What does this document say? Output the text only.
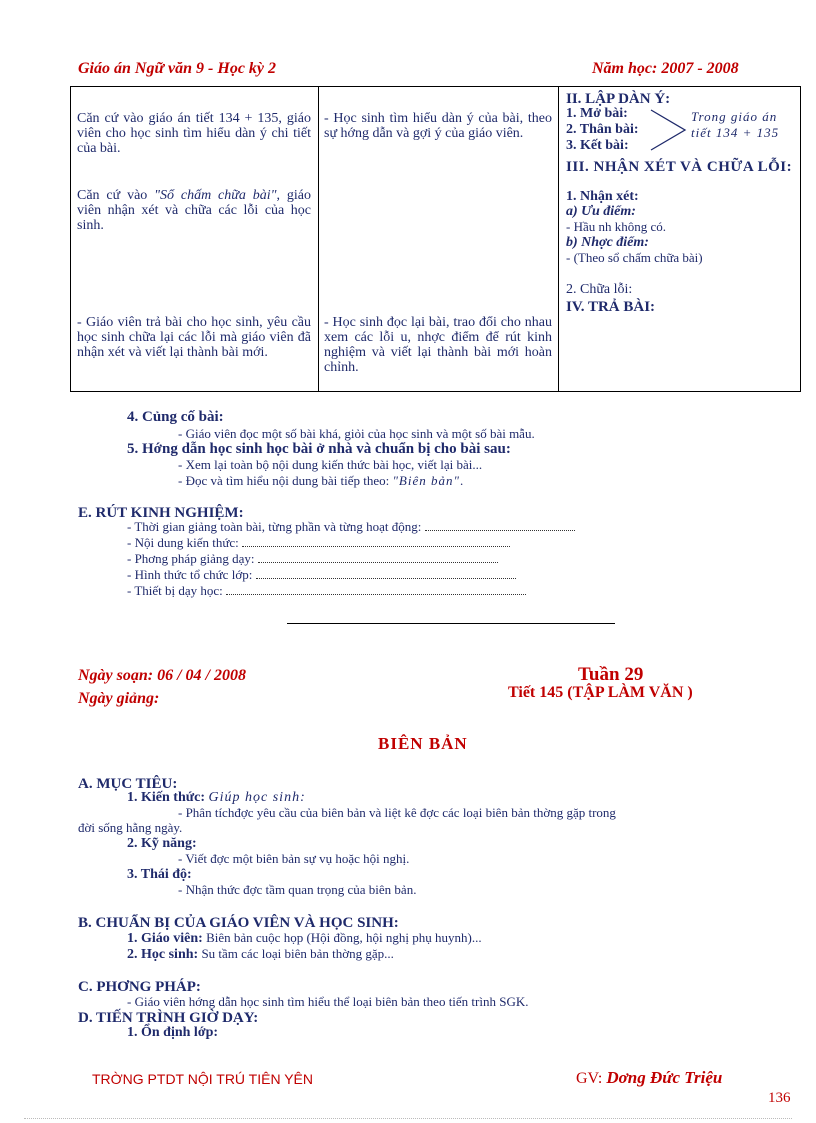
Giáo án Ngữ văn 9 - Học kỳ 2	Năm học: 2007 - 2008
Căn cứ vào giáo án tiết 134 + 135, giáo viên cho học sinh tìm hiểu dàn ý chi tiết của bài.
Căn cứ vào "Sổ chấm chữa bài", giáo viên nhận xét và chữa các lỗi của học sinh.
- Giáo viên trả bài cho học sinh, yêu cầu học sinh chữa lại các lỗi mà giáo viên đã nhận xét và viết lại thành bài mới.
- Học sinh tìm hiểu dàn ý của bài, theo sự hớng dẫn và gợi ý của giáo viên.
- Học sinh đọc lại bài, trao đổi cho nhau xem các lỗi u, nhợc điểm để rút kinh nghiệm và viết lại thành bài mới hoàn chỉnh.
II. LẬP DÀN Ý:
1. Mở bài:
2. Thân bài:
3. Kết bài:
Trong giáo án
tiết 134 + 135
III. NHẬN XÉT VÀ CHỮA LỖI:
1. Nhận xét:
a) Ưu điểm:
- Hầu nh không có.
b) Nhợc điểm:
- (Theo sổ chấm chữa bài)
2. Chữa lỗi:
IV. TRẢ BÀI:
4. Củng cố bài:
- Giáo viên đọc một số bài khá, giỏi của học sinh và một số bài mẫu.
5. Hớng dẫn học sinh học bài ở nhà và chuẩn bị cho bài sau:
- Xem lại toàn bộ nội dung kiến thức bài học, viết lại bài...
- Đọc và tìm hiểu nội dung bài tiếp theo: "Biên bản".
E. RÚT KINH NGHIỆM:
- Thời gian giảng toàn bài, từng phần và từng hoạt động:
- Nội dung kiến thức:
- Phơng pháp giảng dạy:
- Hình thức tổ chức lớp:
- Thiết bị dạy học:
Ngày soạn: 06 / 04 / 2008
Ngày giảng:
Tuần 29
Tiết 145 (TẬP LÀM VĂN )
BIÊN BẢN
A. MỤC TIÊU:
1. Kiến thức: Giúp học sinh:
- Phân tíchđợc yêu cầu của biên bản và liệt kê đợc các loại biên bản thờng gặp trong
đời sống hằng ngày.
2. Kỹ năng:
- Viết đợc một biên bản sự vụ hoặc hội nghị.
3. Thái độ:
- Nhận thức đợc tầm quan trọng của biên bản.
B. CHUẨN BỊ CỦA GIÁO VIÊN VÀ HỌC SINH:
1. Giáo viên: Biên bản cuộc họp (Hội đồng, hội nghị phụ huynh)...
2. Học sinh: Su tầm các loại biên bản thờng gặp...
C. PHƠNG PHÁP:
- Giáo viên hớng dẫn học sinh tìm hiểu thể loại biên bản theo tiến trình SGK.
D. TIẾN TRÌNH GIỜ DẠY:
1. Ổn định lớp:
TRỜNG PTDT NỘI TRÚ TIÊN YÊN	GV: Dơng Đức Triệu
136
